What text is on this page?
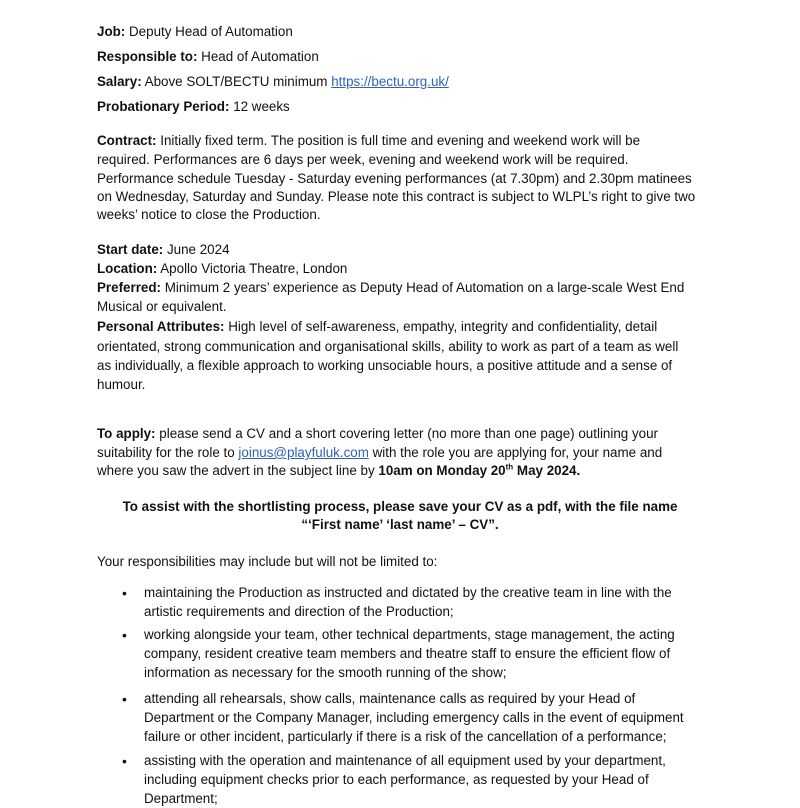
Job: Deputy Head of Automation
Responsible to: Head of Automation
Salary: Above SOLT/BECTU minimum https://bectu.org.uk/
Probationary Period: 12 weeks
Contract: Initially fixed term. The position is full time and evening and weekend work will be
required. Performances are 6 days per week, evening and weekend work will be required.
Performance schedule Tuesday - Saturday evening performances (at 7.30pm) and 2.30pm matinees
on Wednesday, Saturday and Sunday. Please note this contract is subject to WLPL’s right to give two
weeks’ notice to close the Production.
Start date: June 2024
Location: Apollo Victoria Theatre, London
Preferred: Minimum 2 years’ experience as Deputy Head of Automation on a large-scale West End
Musical or equivalent.
Personal Attributes: High level of self-awareness, empathy, integrity and confidentiality, detail
orientated, strong communication and organisational skills, ability to work as part of a team as well
as individually, a flexible approach to working unsociable hours, a positive attitude and a sense of
humour.
To apply: please send a CV and a short covering letter (no more than one page) outlining your
suitability for the role to joinus@playfuluk.com with the role you are applying for, your name and
where you saw the advert in the subject line by 10am on Monday 20th May 2024.
To assist with the shortlisting process, please save your CV as a pdf, with the file name
“‘First name’ ‘last name’ – CV”.
Your responsibilities may include but will not be limited to:
• maintaining the Production as instructed and dictated by the creative team in line with the
artistic requirements and direction of the Production;
• working alongside your team, other technical departments, stage management, the acting
company, resident creative team members and theatre staff to ensure the efficient flow of
information as necessary for the smooth running of the show;
• attending all rehearsals, show calls, maintenance calls as required by your Head of
Department or the Company Manager, including emergency calls in the event of equipment
failure or other incident, particularly if there is a risk of the cancellation of a performance;
• assisting with the operation and maintenance of all equipment used by your department,
including equipment checks prior to each performance, as requested by your Head of
Department;
